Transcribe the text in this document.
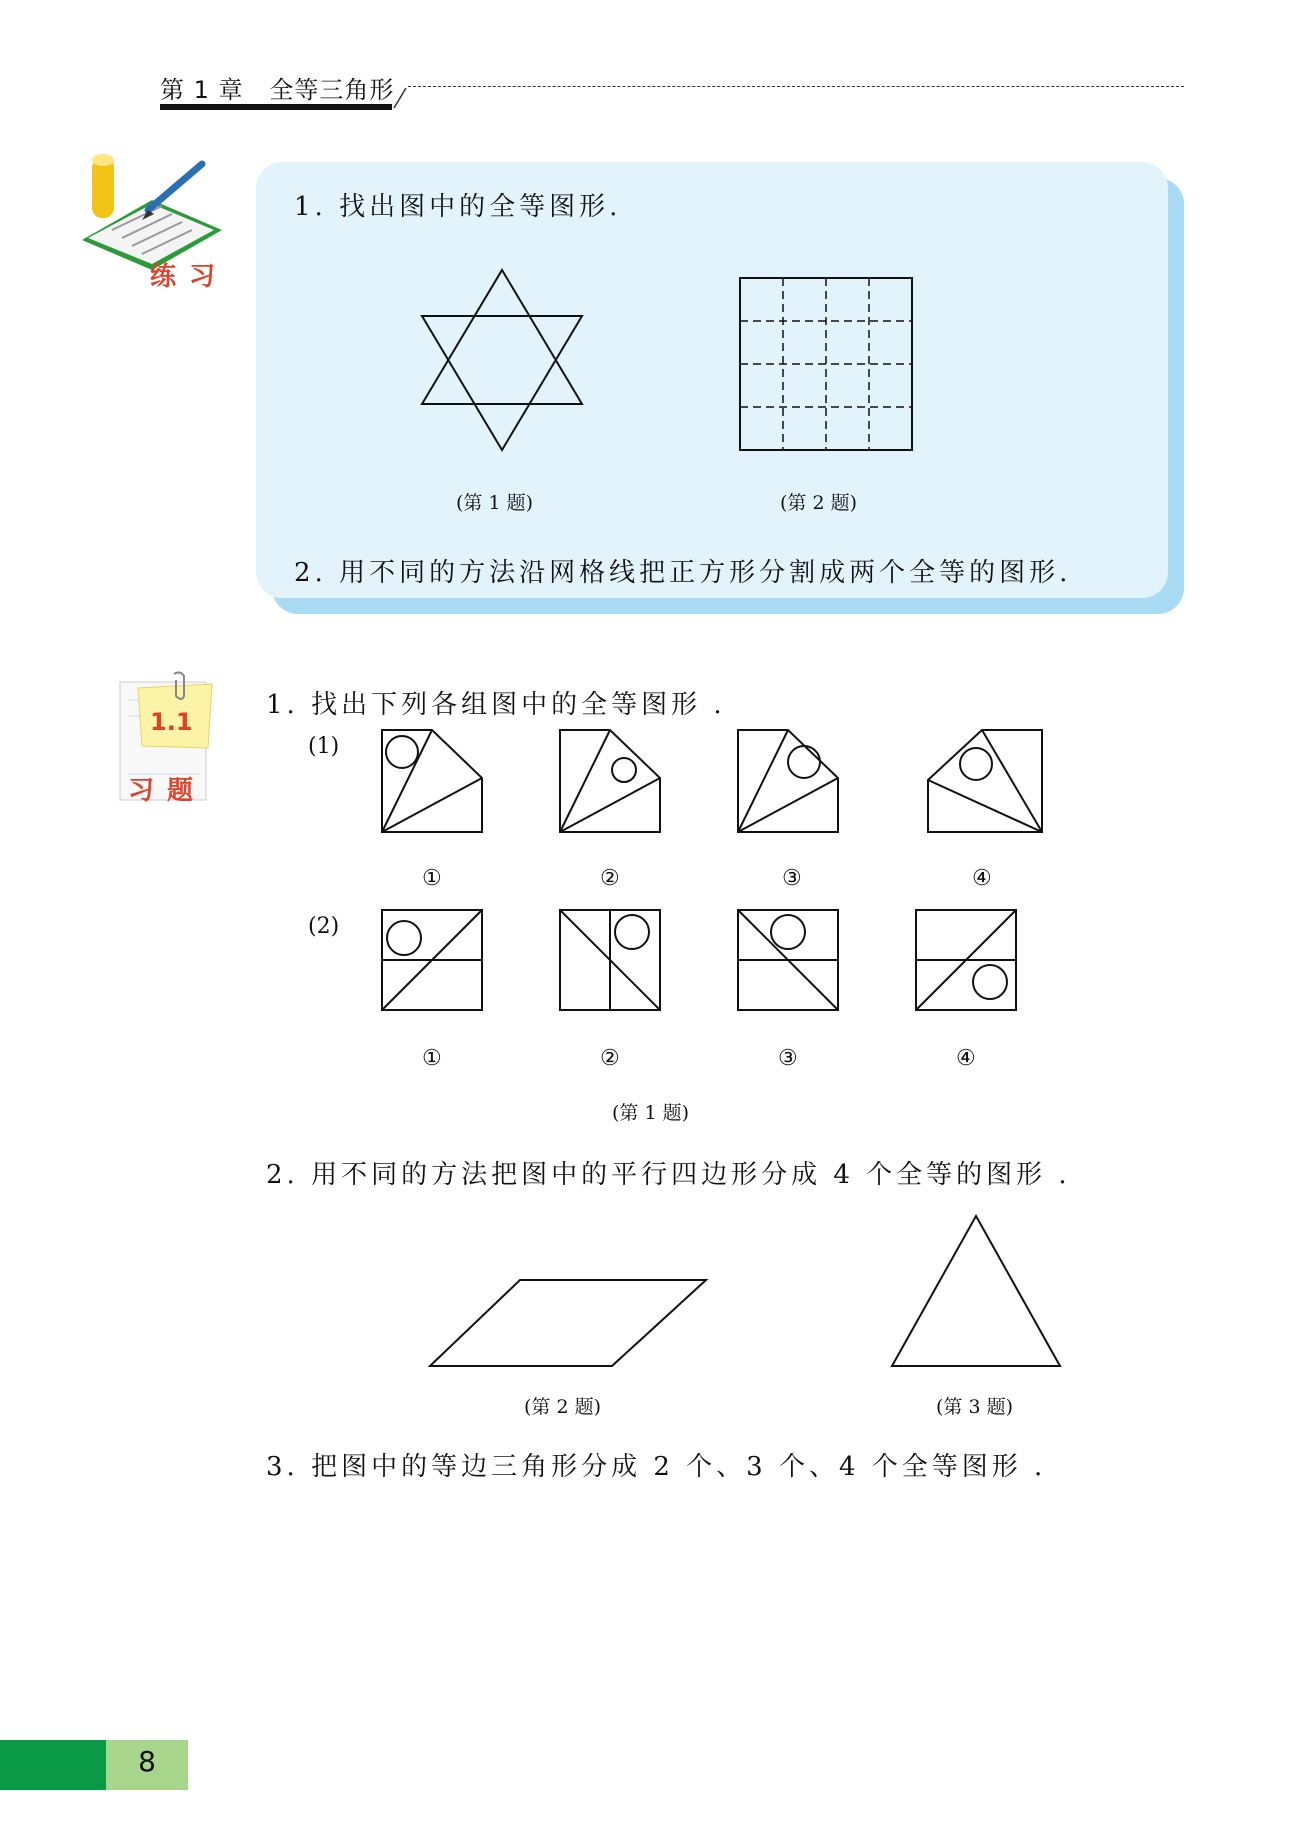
第 1 章 全等三角形
练 习
1. 找出图中的全等图形.
(第 1 题)	(第 2 题)
2. 用不同的方法沿网格线把正方形分割成两个全等的图形.
1.1
习 题
1. 找出下列各组图中的全等图形 .
(1)
(2)
①	②	③	④
①	②	③	④
(第 1 题)
2. 用不同的方法把图中的平行四边形分成 4 个全等的图形 .
(第 2 题)	(第 3 题)
3. 把图中的等边三角形分成 2 个、3 个、4 个全等图形 .
8
